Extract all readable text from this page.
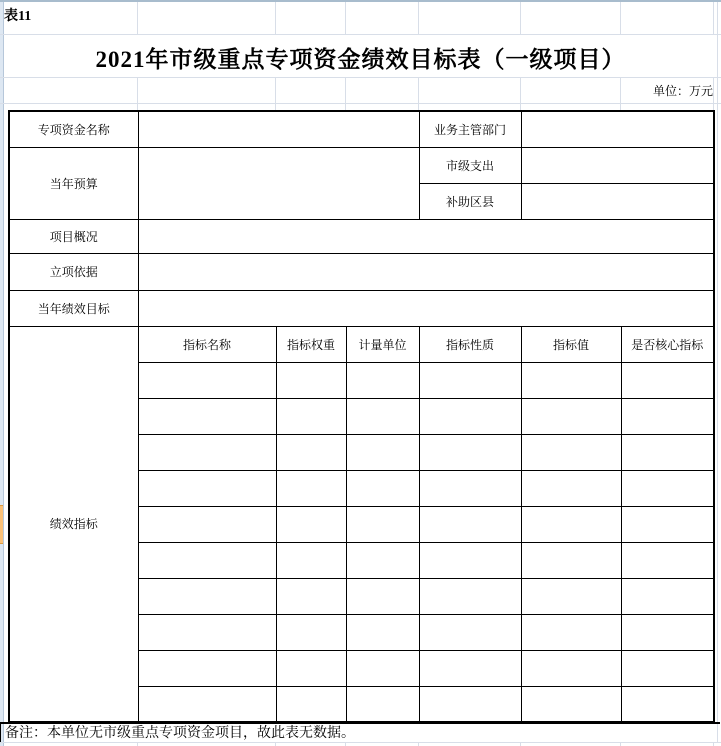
表11
2021年市级重点专项资金绩效目标表（一级项目）
单位：万元
专项资金名称				业务主管部门		
当年预算				市级支出		
				补助区县		
项目概况						
立项依据						
当年绩效目标						
绩效指标	指标名称	指标权重	计量单位	指标性质	指标值	是否核心指标

备注：本单位无市级重点专项资金项目，故此表无数据。
